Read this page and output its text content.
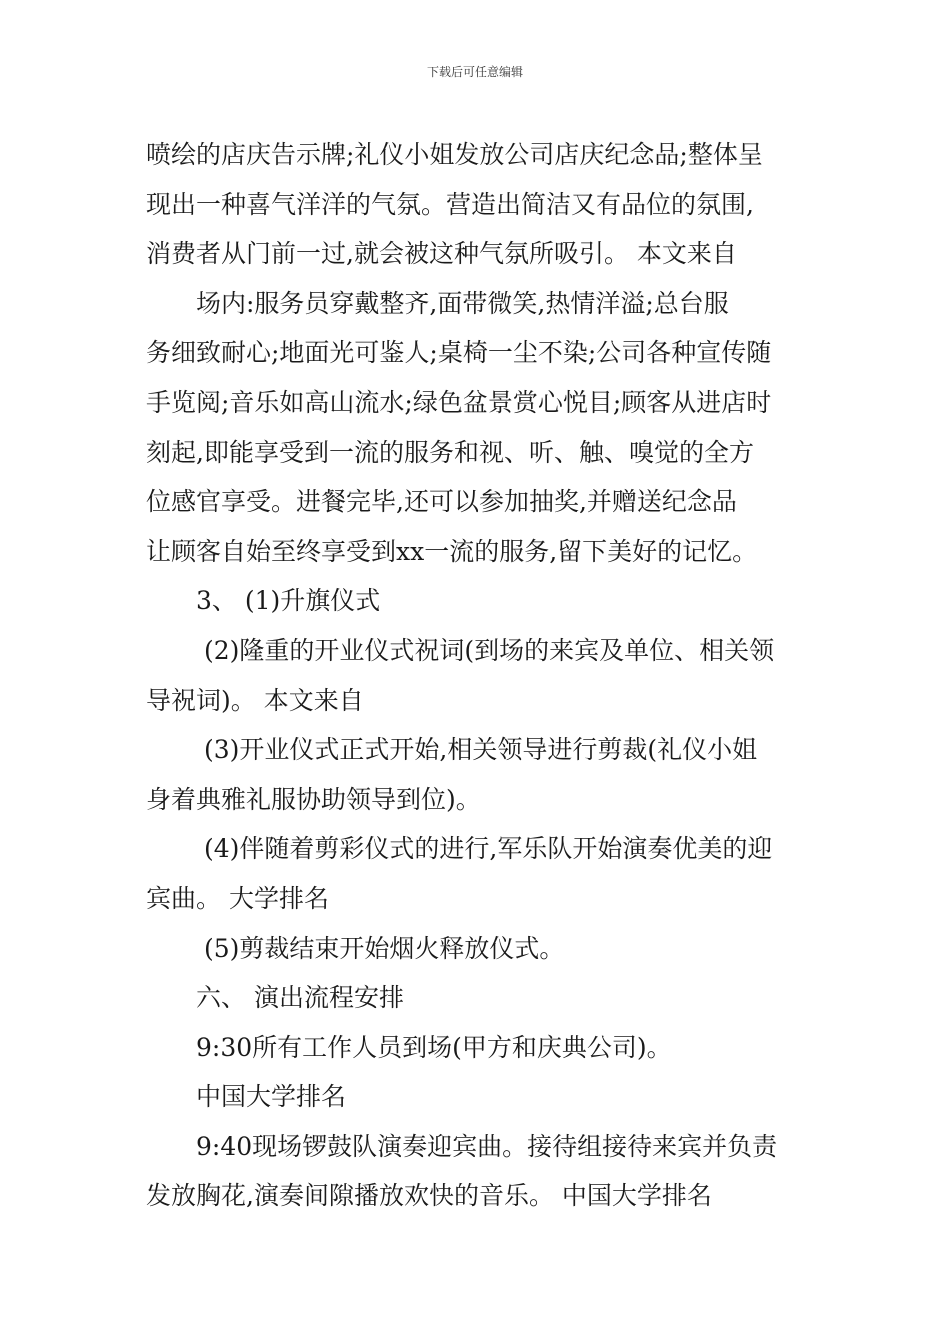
下载后可任意编辑
喷绘的店庆告示牌;礼仪小姐发放公司店庆纪念品;整体呈
现出一种喜气洋洋的气氛。营造出简洁又有品位的氛围,
消费者从门前一过,就会被这种气氛所吸引。 本文来自
场内:服务员穿戴整齐,面带微笑,热情洋溢;总台服
务细致耐心;地面光可鉴人;桌椅一尘不染;公司各种宣传随
手览阅;音乐如高山流水;绿色盆景赏心悦目;顾客从进店时
刻起,即能享受到一流的服务和视、听、触、嗅觉的全方
位感官享受。进餐完毕,还可以参加抽奖,并赠送纪念品
让顾客自始至终享受到xx一流的服务,留下美好的记忆。
3、 (1)升旗仪式
(2)隆重的开业仪式祝词(到场的来宾及单位、相关领
导祝词)。 本文来自
(3)开业仪式正式开始,相关领导进行剪裁(礼仪小姐
身着典雅礼服协助领导到位)。
(4)伴随着剪彩仪式的进行,军乐队开始演奏优美的迎
宾曲。 大学排名
(5)剪裁结束开始烟火释放仪式。
六、 演出流程安排
9:30所有工作人员到场(甲方和庆典公司)。
中国大学排名
9:40现场锣鼓队演奏迎宾曲。接待组接待来宾并负责
发放胸花,演奏间隙播放欢快的音乐。 中国大学排名
